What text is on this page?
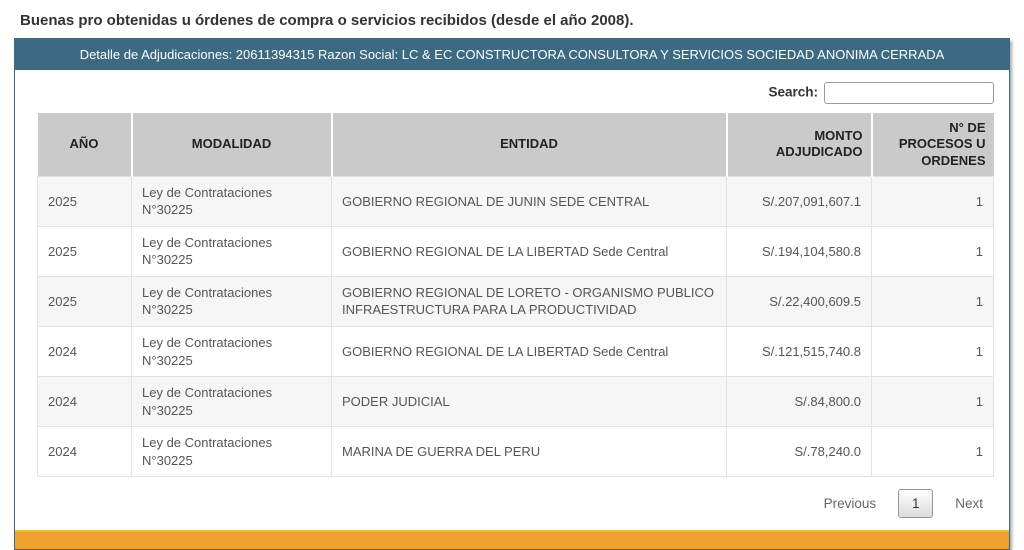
Buenas pro obtenidas u órdenes de compra o servicios recibidos (desde el año 2008).
Detalle de Adjudicaciones: 20611394315 Razon Social: LC & EC CONSTRUCTORA CONSULTORA Y SERVICIOS SOCIEDAD ANONIMA CERRADA
Search:
AÑO	MODALIDAD	ENTIDAD	MONTO ADJUDICADO	N° DE PROCESOS U ORDENES
2025	Ley de Contrataciones N°30225	GOBIERNO REGIONAL DE JUNIN SEDE CENTRAL	S/.207,091,607.1	1
2025	Ley de Contrataciones N°30225	GOBIERNO REGIONAL DE LA LIBERTAD Sede Central	S/.194,104,580.8	1
2025	Ley de Contrataciones N°30225	GOBIERNO REGIONAL DE LORETO - ORGANISMO PUBLICO INFRAESTRUCTURA PARA LA PRODUCTIVIDAD	S/.22,400,609.5	1
2024	Ley de Contrataciones N°30225	GOBIERNO REGIONAL DE LA LIBERTAD Sede Central	S/.121,515,740.8	1
2024	Ley de Contrataciones N°30225	PODER JUDICIAL	S/.84,800.0	1
2024	Ley de Contrataciones N°30225	MARINA DE GUERRA DEL PERU	S/.78,240.0	1
Previous	1	Next
